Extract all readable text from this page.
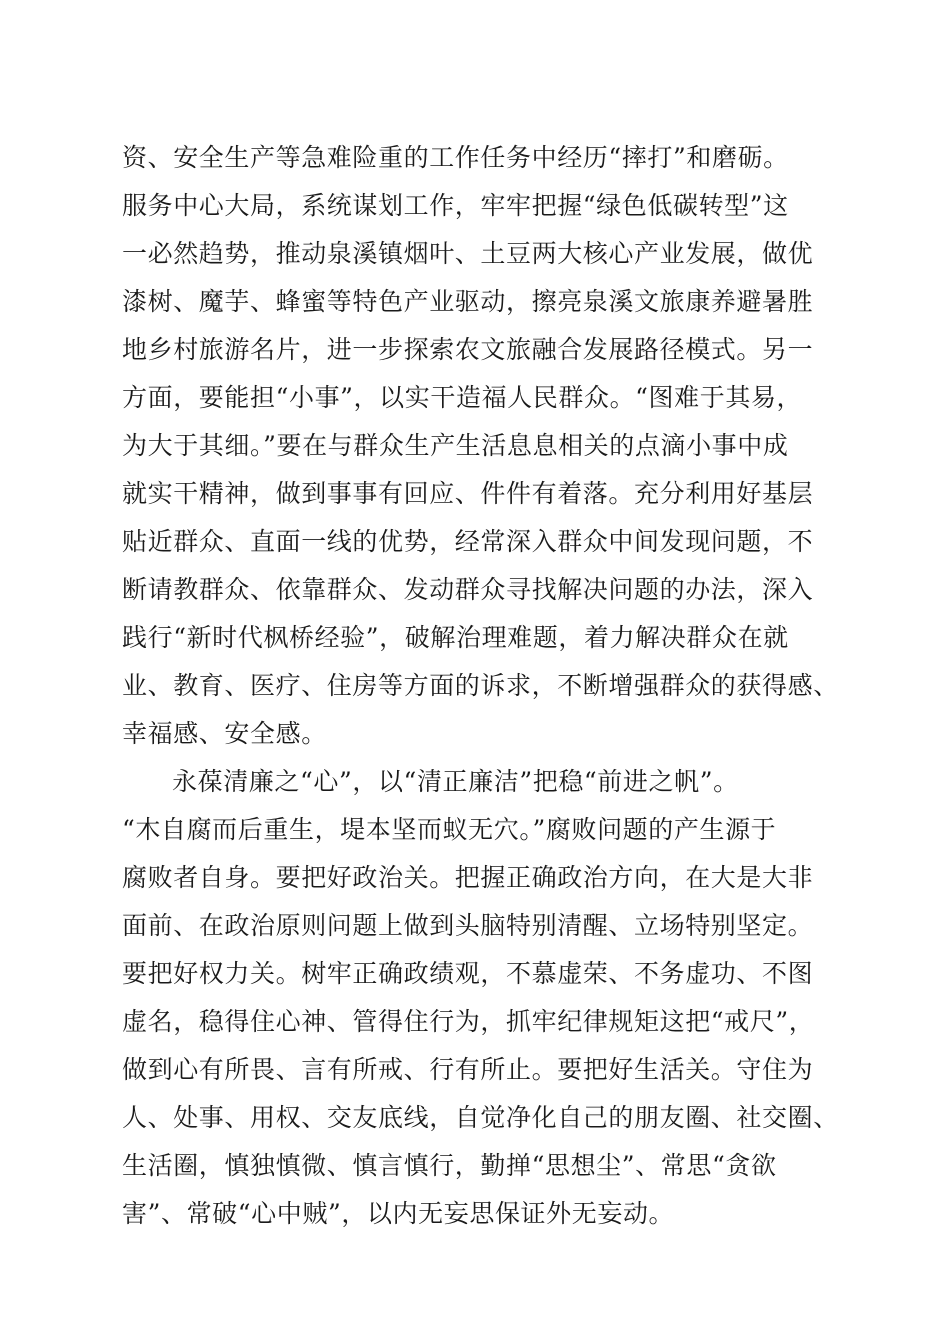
资、安全生产等急难险重的工作任务中经历“摔打”和磨砺。
服务中心大局，系统谋划工作，牢牢把握“绿色低碳转型”这
一必然趋势，推动泉溪镇烟叶、土豆两大核心产业发展，做优
漆树、魔芋、蜂蜜等特色产业驱动，擦亮泉溪文旅康养避暑胜
地乡村旅游名片，进一步探索农文旅融合发展路径模式。另一
方面，要能担“小事”，以实干造福人民群众。“图难于其易，
为大于其细。”要在与群众生产生活息息相关的点滴小事中成
就实干精神，做到事事有回应、件件有着落。充分利用好基层
贴近群众、直面一线的优势，经常深入群众中间发现问题，不
断请教群众、依靠群众、发动群众寻找解决问题的办法，深入
践行“新时代枫桥经验”，破解治理难题，着力解决群众在就
业、教育、医疗、住房等方面的诉求，不断增强群众的获得感、
幸福感、安全感。
永葆清廉之“心”，以“清正廉洁”把稳“前进之帆”。
“木自腐而后重生，堤本坚而蚁无穴。”腐败问题的产生源于
腐败者自身。要把好政治关。把握正确政治方向，在大是大非
面前、在政治原则问题上做到头脑特别清醒、立场特别坚定。
要把好权力关。树牢正确政绩观，不慕虚荣、不务虚功、不图
虚名，稳得住心神、管得住行为，抓牢纪律规矩这把“戒尺”，
做到心有所畏、言有所戒、行有所止。要把好生活关。守住为
人、处事、用权、交友底线，自觉净化自己的朋友圈、社交圈、
生活圈，慎独慎微、慎言慎行，勤掸“思想尘”、常思“贪欲
害”、常破“心中贼”，以内无妄思保证外无妄动。
